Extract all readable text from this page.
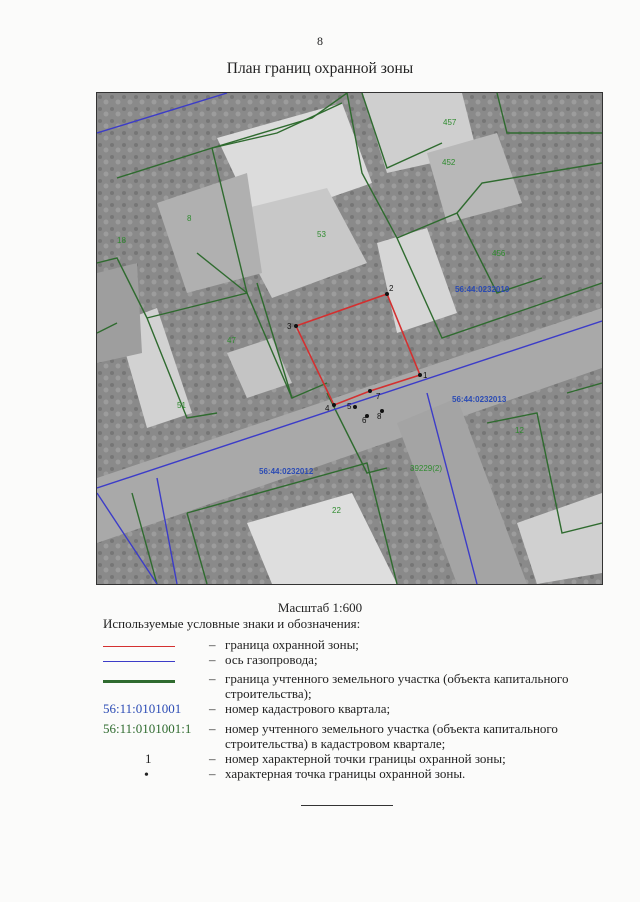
8
План границ охранной зоны
1
2
3
4 5
6
7
8
56:44:0232010
56:44:0232013
56:44:0232012
457
452
456
53
8
18
47
51
12
22
39229(2)
Масштаб 1:600
Используемые условные знаки и обозначения:
– граница охранной зоны;
– ось газопровода;
– граница учтенного земельного участка (объекта капитального строительства);
56:11:0101001 – номер кадастрового квартала;
56:11:0101001:1 – номер учтенного земельного участка (объекта капитального строительства) в кадастровом квартале;
1	– номер характерной точки границы охранной зоны;
•	– характерная точка границы охранной зоны.
